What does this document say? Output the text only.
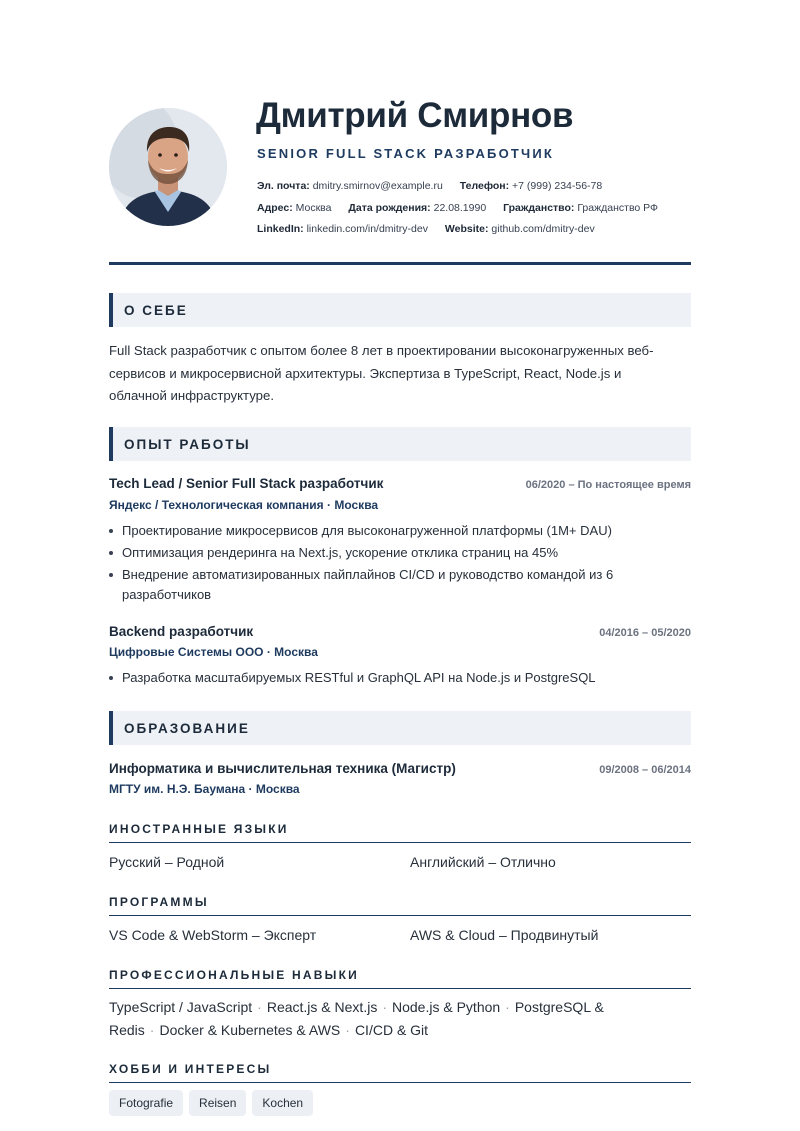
Дмитрий Смирнов
SENIOR FULL STACK РАЗРАБОТЧИК
Эл. почта: dmitry.smirnov@example.ru Телефон: +7 (999) 234-56-78
Адрес: Москва Дата рождения: 22.08.1990 Гражданство: Гражданство РФ
LinkedIn: linkedin.com/in/dmitry-dev Website: github.com/dmitry-dev
О СЕБЕ
Full Stack разработчик с опытом более 8 лет в проектировании высоконагруженных веб-сервисов и микросервисной архитектуры. Экспертиза в TypeScript, React, Node.js и облачной инфраструктуре.
ОПЫТ РАБОТЫ
Tech Lead / Senior Full Stack разработчик	06/2020 – По настоящее время
Яндекс / Технологическая компания · Москва
Проектирование микросервисов для высоконагруженной платформы (1M+ DAU)
Оптимизация рендеринга на Next.js, ускорение отклика страниц на 45%
Внедрение автоматизированных пайплайнов CI/CD и руководство командой из 6 разработчиков
Backend разработчик	04/2016 – 05/2020
Цифровые Системы ООО · Москва
Разработка масштабируемых RESTful и GraphQL API на Node.js и PostgreSQL
ОБРАЗОВАНИЕ
Информатика и вычислительная техника (Магистр)	09/2008 – 06/2014
МГТУ им. Н.Э. Баумана · Москва
ИНОСТРАННЫЕ ЯЗЫКИ
Русский – Родной	Английский – Отлично
ПРОГРАММЫ
VS Code & WebStorm – Эксперт	AWS & Cloud – Продвинутый
ПРОФЕССИОНАЛЬНЫЕ НАВЫКИ
TypeScript / JavaScript · React.js & Next.js · Node.js & Python · PostgreSQL & Redis · Docker & Kubernetes & AWS · CI/CD & Git
ХОББИ И ИНТЕРЕСЫ
Fotografie Reisen Kochen
